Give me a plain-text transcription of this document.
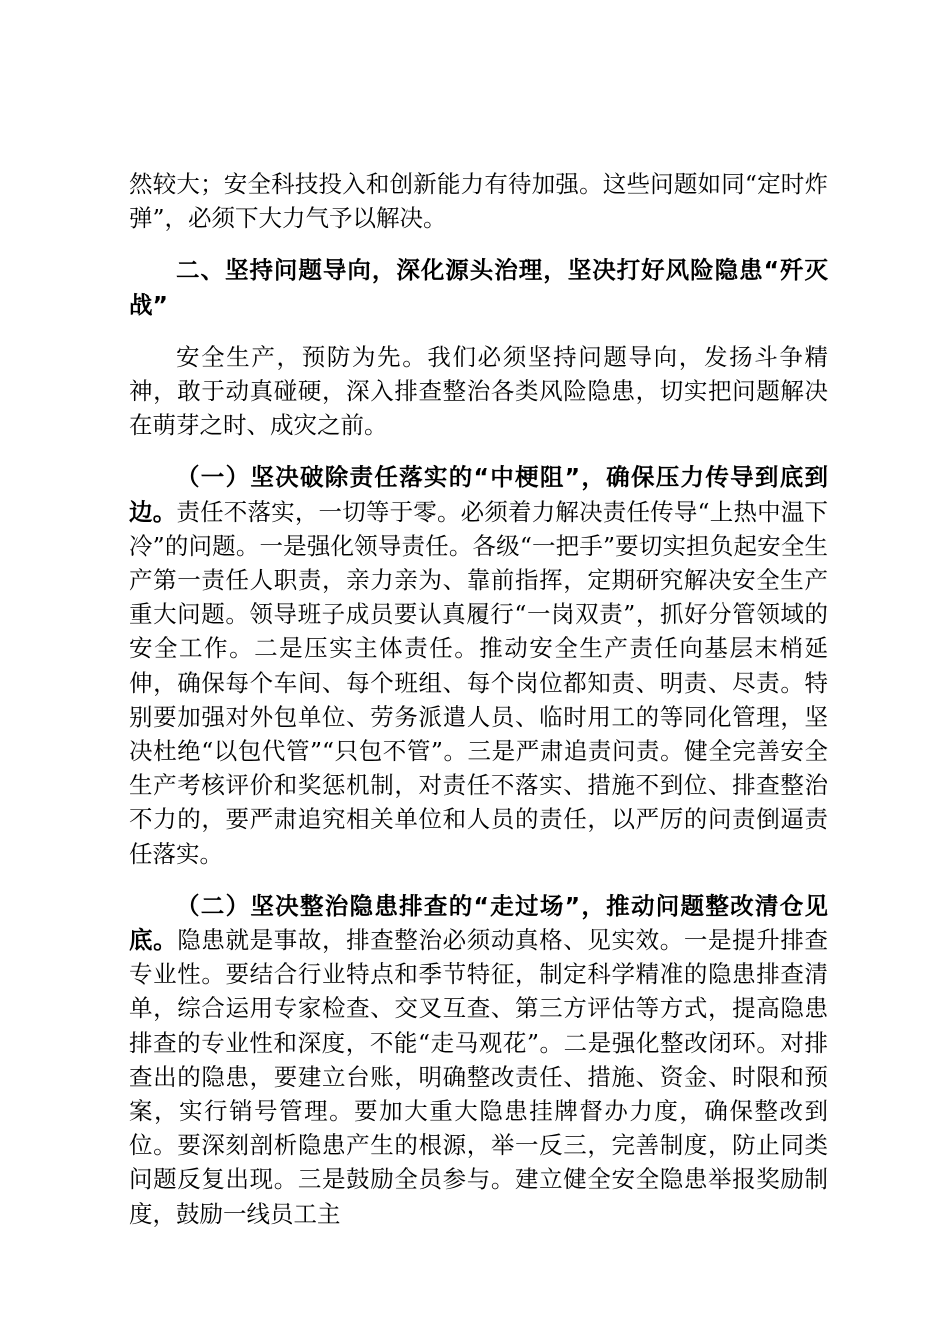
然较大；安全科技投入和创新能力有待加强。这些问题如同“定时炸弹”，必须下大力气予以解决。

二、坚持问题导向，深化源头治理，坚决打好风险隐患“歼灭战”

安全生产，预防为先。我们必须坚持问题导向，发扬斗争精神，敢于动真碰硬，深入排查整治各类风险隐患，切实把问题解决在萌芽之时、成灾之前。

（一）坚决破除责任落实的“中梗阻”，确保压力传导到底到边。责任不落实，一切等于零。必须着力解决责任传导“上热中温下冷”的问题。一是强化领导责任。各级“一把手”要切实担负起安全生产第一责任人职责，亲力亲为、靠前指挥，定期研究解决安全生产重大问题。领导班子成员要认真履行“一岗双责”，抓好分管领域的安全工作。二是压实主体责任。推动安全生产责任向基层末梢延伸，确保每个车间、每个班组、每个岗位都知责、明责、尽责。特别要加强对外包单位、劳务派遣人员、临时用工的等同化管理，坚决杜绝“以包代管”“只包不管”。三是严肃追责问责。健全完善安全生产考核评价和奖惩机制，对责任不落实、措施不到位、排查整治不力的，要严肃追究相关单位和人员的责任，以严厉的问责倒逼责任落实。

（二）坚决整治隐患排查的“走过场”，推动问题整改清仓见底。隐患就是事故，排查整治必须动真格、见实效。一是提升排查专业性。要结合行业特点和季节特征，制定科学精准的隐患排查清单，综合运用专家检查、交叉互查、第三方评估等方式，提高隐患排查的专业性和深度，不能“走马观花”。二是强化整改闭环。对排查出的隐患，要建立台账，明确整改责任、措施、资金、时限和预案，实行销号管理。要加大重大隐患挂牌督办力度，确保整改到位。要深刻剖析隐患产生的根源，举一反三，完善制度，防止同类问题反复出现。三是鼓励全员参与。建立健全安全隐患举报奖励制度，鼓励一线员工主
